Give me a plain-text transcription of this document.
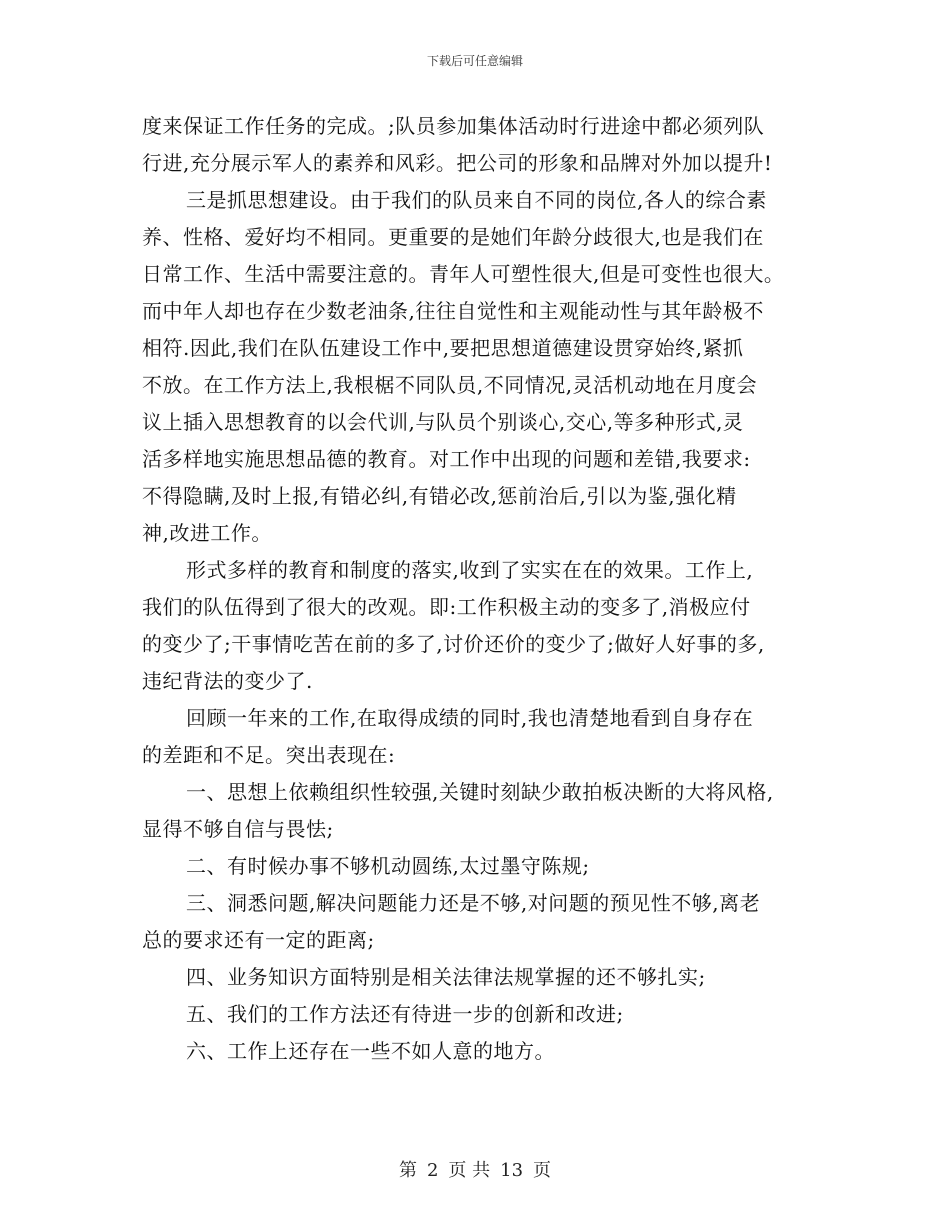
下载后可任意编辑
度来保证工作任务的完成。;队员参加集体活动时行进途中都必须列队
行进,充分展示军人的素养和风彩。把公司的形象和品牌对外加以提升!
三是抓思想建设。由于我们的队员来自不同的岗位,各人的综合素
养、性格、爱好均不相同。更重要的是她们年龄分歧很大,也是我们在
日常工作、生活中需要注意的。青年人可塑性很大,但是可变性也很大。
而中年人却也存在少数老油条,往往自觉性和主观能动性与其年龄极不
相符.因此,我们在队伍建设工作中,要把思想道德建设贯穿始终,紧抓
不放。在工作方法上,我根椐不同队员,不同情况,灵活机动地在月度会
议上插入思想教育的以会代训,与队员个别谈心,交心,等多种形式,灵
活多样地实施思想品德的教育。对工作中出现的问题和差错,我要求:
不得隐瞒,及时上报,有错必纠,有错必改,惩前治后,引以为鉴,强化精
神,改进工作。
形式多样的教育和制度的落实,收到了实实在在的效果。工作上,
我们的队伍得到了很大的改观。即:工作积极主动的变多了,消极应付
的变少了;干事情吃苦在前的多了,讨价还价的变少了;做好人好事的多,
违纪背法的变少了.
回顾一年来的工作,在取得成绩的同时,我也清楚地看到自身存在
的差距和不足。突出表现在:
一、思想上依赖组织性较强,关键时刻缺少敢拍板决断的大将风格,
显得不够自信与畏怯;
二、有时候办事不够机动圆练,太过墨守陈规;
三、洞悉问题,解决问题能力还是不够,对问题的预见性不够,离老
总的要求还有一定的距离;
四、业务知识方面特别是相关法律法规掌握的还不够扎实;
五、我们的工作方法还有待进一步的创新和改进;
六、工作上还存在一些不如人意的地方。
第 2 页 共 13 页
